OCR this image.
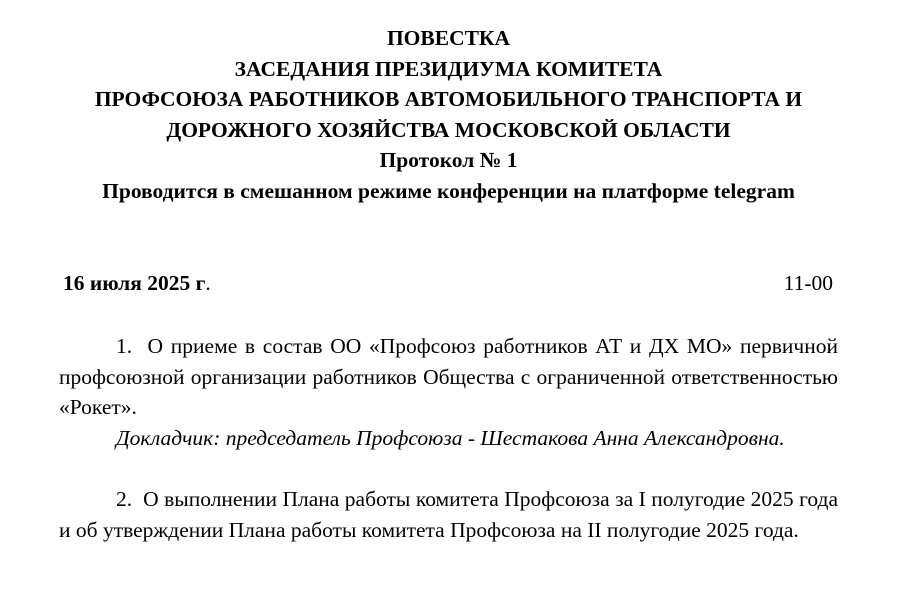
ПОВЕСТКА
ЗАСЕДАНИЯ ПРЕЗИДИУМА КОМИТЕТА
ПРОФСОЮЗА РАБОТНИКОВ АВТОМОБИЛЬНОГО ТРАНСПОРТА И
ДОРОЖНОГО ХОЗЯЙСТВА МОСКОВСКОЙ ОБЛАСТИ
Протокол № 1
Проводится в смешанном режиме конференции на платформе telegram
16 июля 2025 г.	11-00

1. О приеме в состав ОО «Профсоюз работников АТ и ДХ МО» первичной профсоюзной организации работников Общества с ограниченной ответственностью «Рокет».

Докладчик: председатель Профсоюза - Шестакова Анна Александровна.

2. О выполнении Плана работы комитета Профсоюза за I полугодие 2025 года и об утверждении Плана работы комитета Профсоюза на II полугодие 2025 года.
